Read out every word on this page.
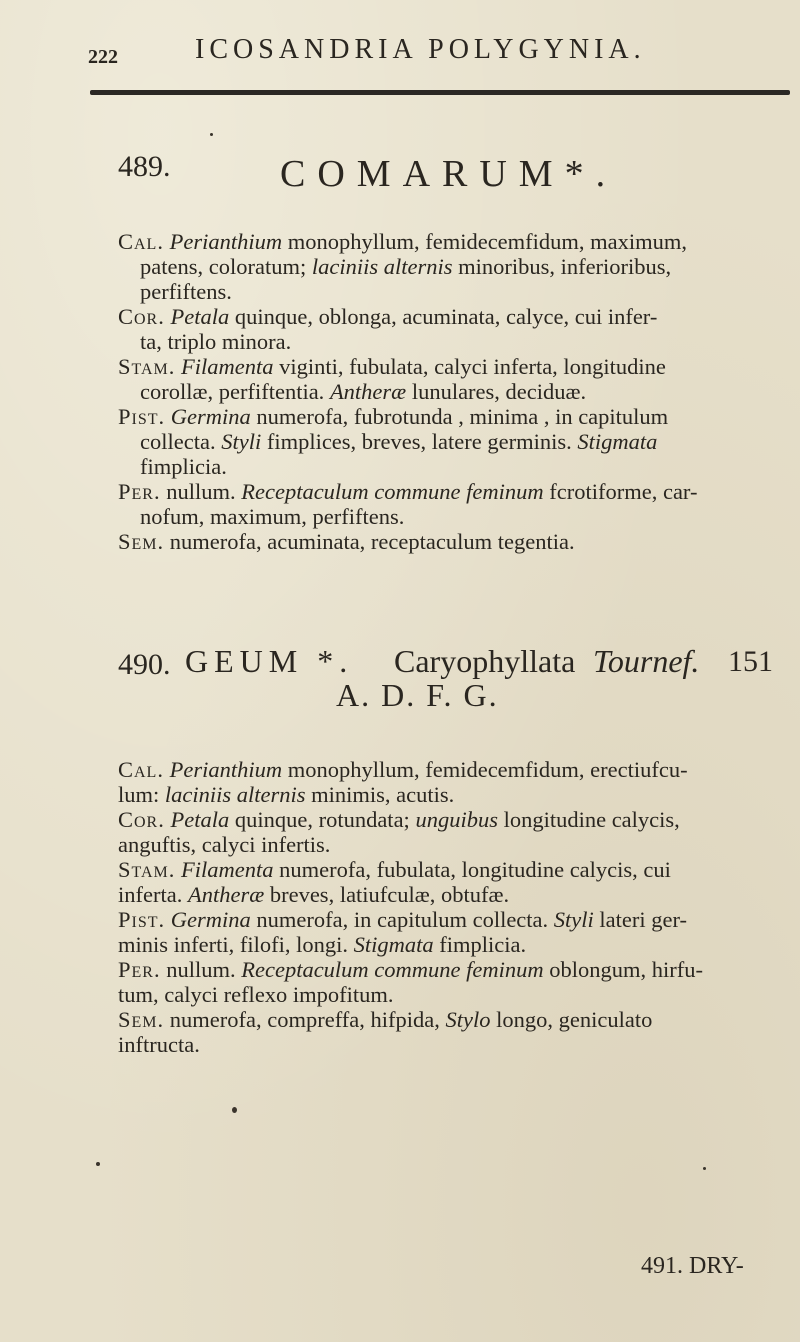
222	ICOSANDRIA POLYGYNIA.
489.	COMARUM*.
Cal. Perianthium monophyllum, femidecemfidum, maximum,
patens, coloratum; laciniis alternis minoribus, inferioribus,
perfiftens.
Cor. Petala quinque, oblonga, acuminata, calyce, cui infer-
ta, triplo minora.
Stam. Filamenta viginti, fubulata, calyci inferta, longitudine
corollæ, perfiftentia. Antheræ lunulares, deciduæ.
Pist. Germina numerofa, fubrotunda , minima , in capitulum
collecta. Styli fimplices, breves, latere germinis. Stigmata
fimplicia.
Per. nullum. Receptaculum commune feminum fcrotiforme, car-
nofum, maximum, perfiftens.
Sem. numerofa, acuminata, receptaculum tegentia.
490. GEUM *. Caryophyllata Tournef. 151
A. D. F. G.
Cal. Perianthium monophyllum, femidecemfidum, erectiufcu-
lum: laciniis alternis minimis, acutis.
Cor. Petala quinque, rotundata; unguibus longitudine calycis,
anguftis, calyci infertis.
Stam. Filamenta numerofa, fubulata, longitudine calycis, cui
inferta. Antheræ breves, latiufculæ, obtufæ.
Pist. Germina numerofa, in capitulum collecta. Styli lateri ger-
minis inferti, filofi, longi. Stigmata fimplicia.
Per. nullum. Receptaculum commune feminum oblongum, hirfu-
tum, calyci reflexo impofitum.
Sem. numerofa, compreffa, hifpida, Stylo longo, geniculato
inftructa.
491. DRY-
